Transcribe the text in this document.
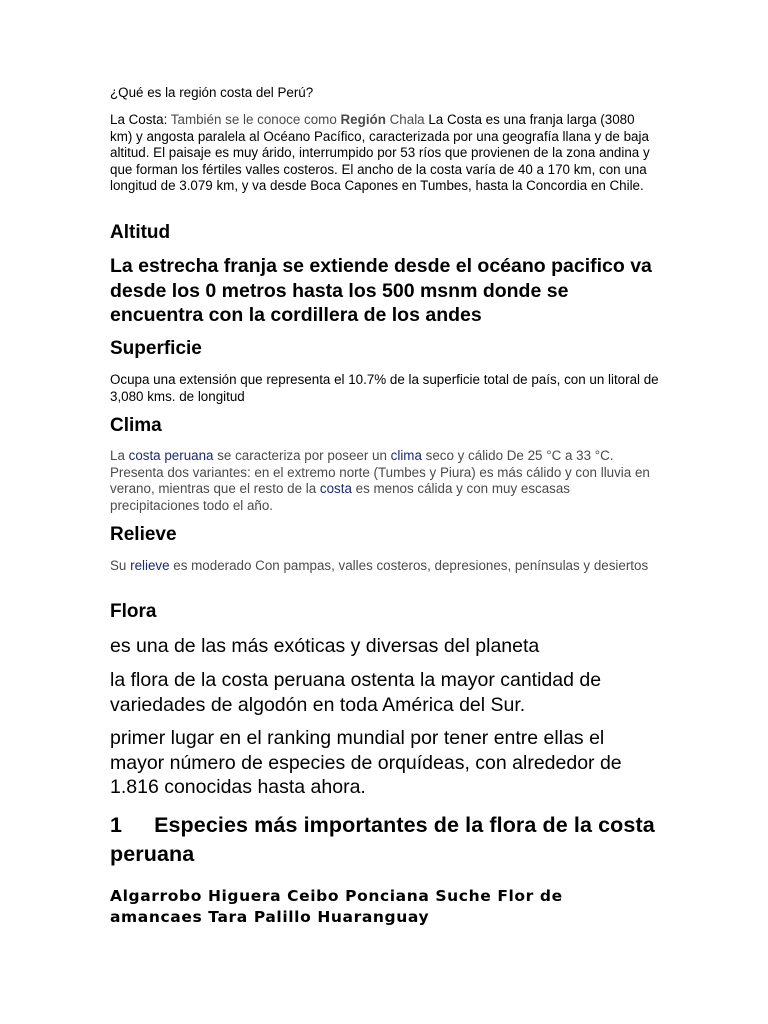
¿Qué es la región costa del Perú?

La Costa: También se le conoce como Región Chala La Costa es una franja larga (3080 km) y angosta paralela al Océano Pacífico, caracterizada por una geografía llana y de baja altitud. El paisaje es muy árido, interrumpido por 53 ríos que provienen de la zona andina y que forman los fértiles valles costeros. El ancho de la costa varía de 40 a 170 km, con una longitud de 3.079 km, y va desde Boca Capones en Tumbes, hasta la Concordia en Chile.

Altitud

La estrecha franja se extiende desde el océano pacifico va desde los 0 metros hasta los 500 msnm donde se encuentra con la cordillera de los andes

Superficie

Ocupa una extensión que representa el 10.7% de la superficie total de país, con un litoral de 3,080 kms. de longitud

Clima

La costa peruana se caracteriza por poseer un clima seco y cálido De 25 °C a 33 °C. Presenta dos variantes: en el extremo norte (Tumbes y Piura) es más cálido y con lluvia en verano, mientras que el resto de la costa es menos cálida y con muy escasas precipitaciones todo el año.

Relieve

Su relieve es moderado Con pampas, valles costeros, depresiones, penínsulas y desiertos

Flora

es una de las más exóticas y diversas del planeta

la flora de la costa peruana ostenta la mayor cantidad de variedades de algodón en toda América del Sur.

primer lugar en el ranking mundial por tener entre ellas el mayor número de especies de orquídeas, con alrededor de 1.816 conocidas hasta ahora.

1 Especies más importantes de la flora de la costa peruana

Algarrobo Higuera Ceibo Ponciana Suche Flor de amancaes Tara Palillo Huaranguay
